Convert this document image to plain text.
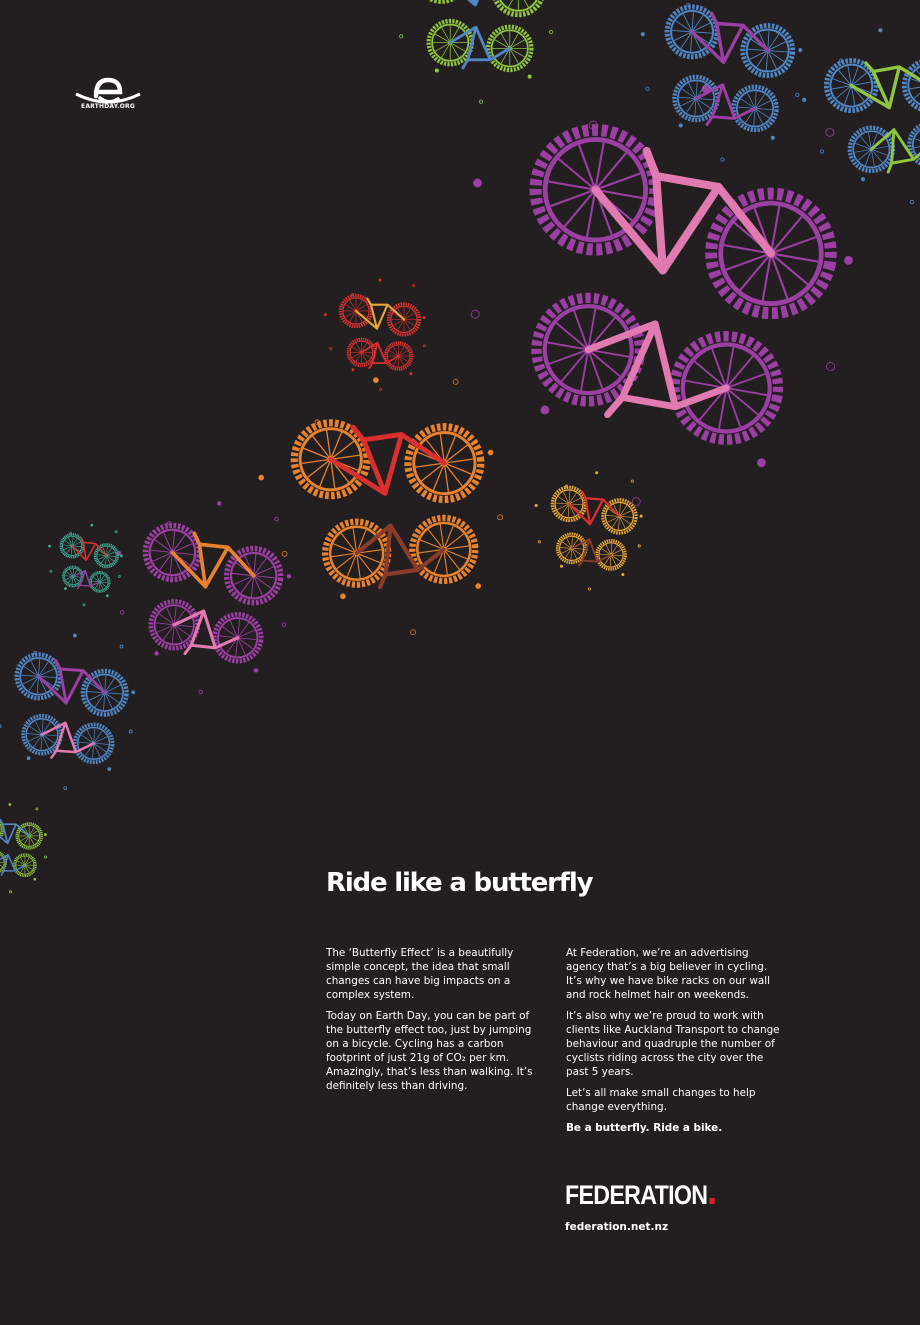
EARTHDAY.ORG
Ride like a butterfly

The ‘Butterfly Effect’ is a beautifully simple concept, the idea that small changes can have big impacts on a complex system.

Today on Earth Day, you can be part of the butterfly effect too, just by jumping on a bicycle. Cycling has a carbon footprint of just 21g of CO₂ per km. Amazingly, that’s less than walking. It’s definitely less than driving.

At Federation, we’re an advertising agency that’s a big believer in cycling. It’s why we have bike racks on our wall and rock helmet hair on weekends.

It’s also why we’re proud to work with clients like Auckland Transport to change behaviour and quadruple the number of cyclists riding across the city over the past 5 years.

Let’s all make small changes to help change everything.

Be a butterfly. Ride a bike.

FEDERATION
federation.net.nz
